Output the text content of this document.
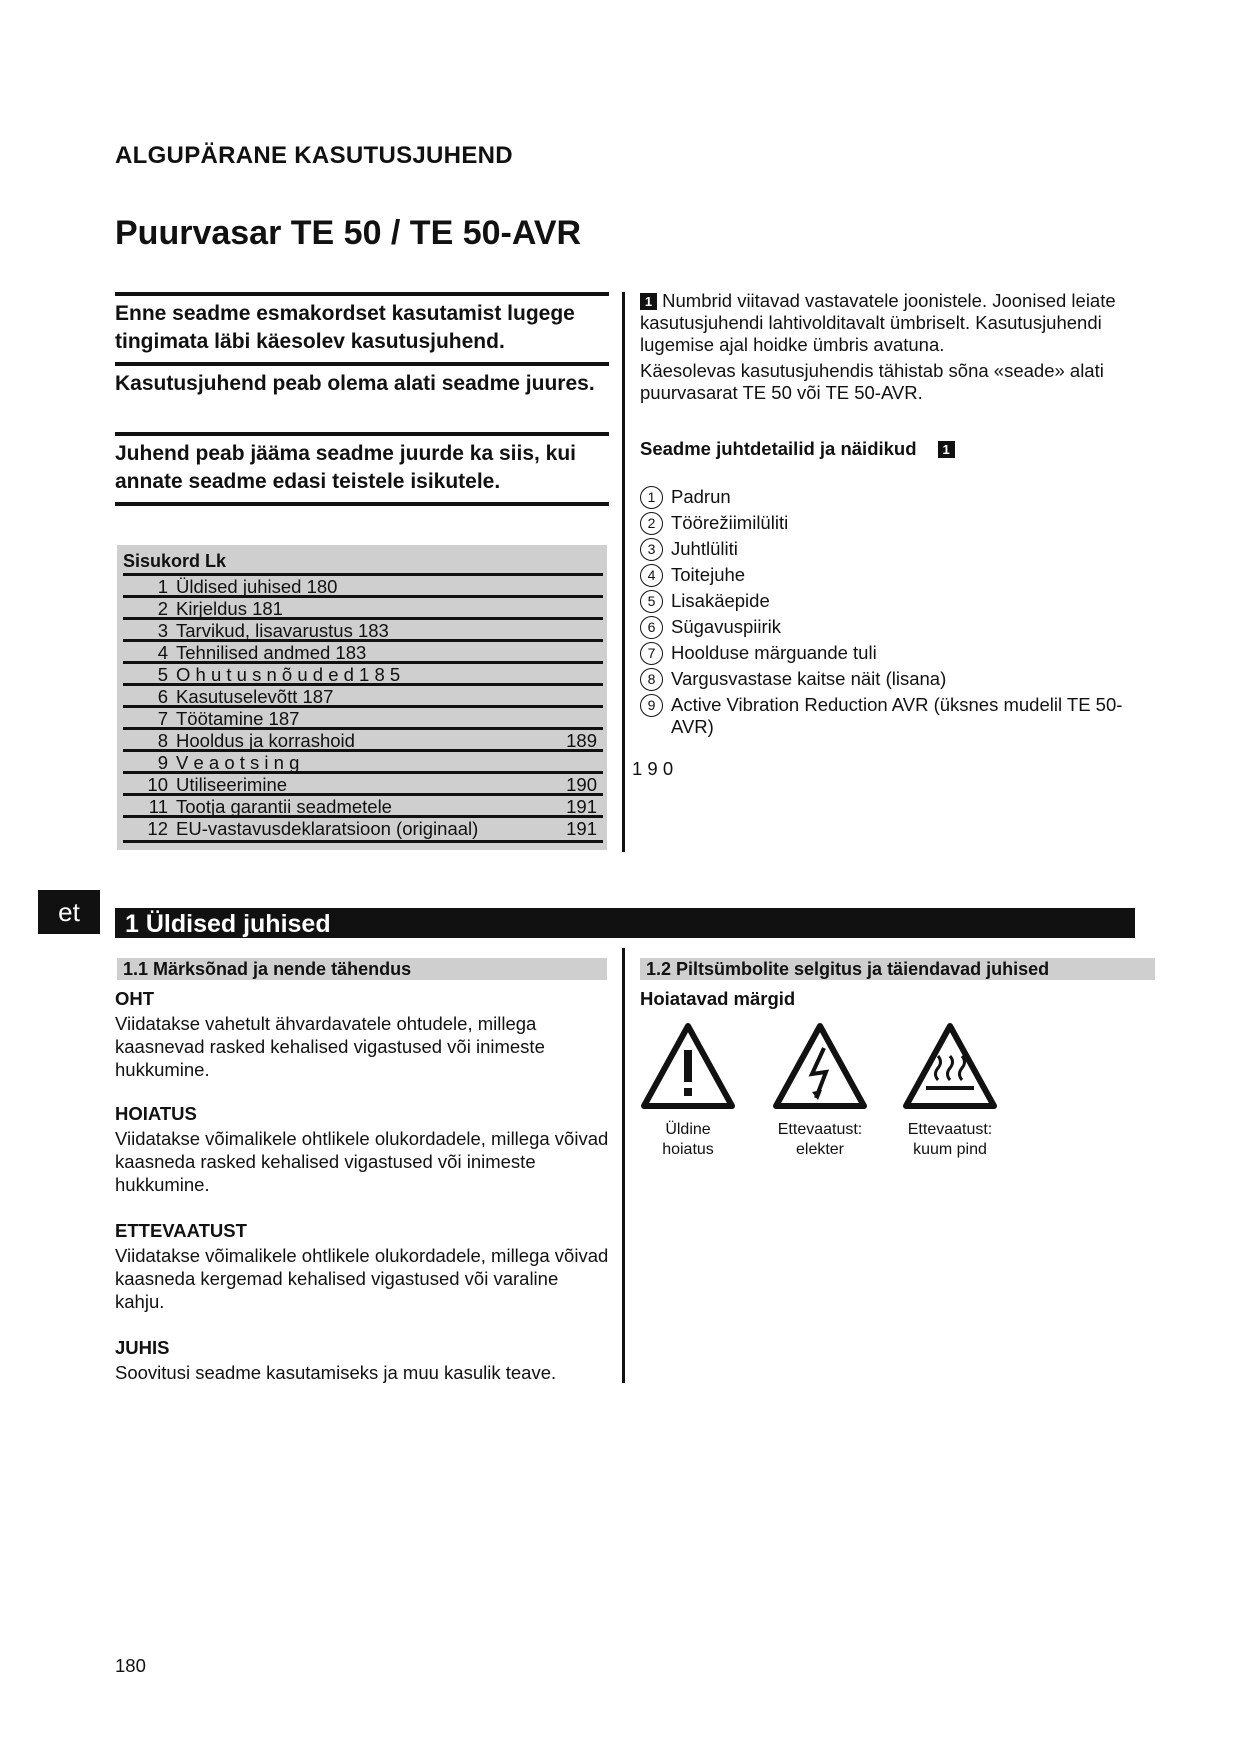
ALGUPÄRANE KASUTUSJUHEND
Puurvasar TE 50 / TE 50-AVR
Enne seadme esmakordset kasutamist lugege tingimata läbi käesolev kasutusjuhend.
Kasutusjuhend peab olema alati seadme juures.
Juhend peab jääma seadme juurde ka siis, kui annate seadme edasi teistele isikutele.
1 Numbrid viitavad vastavatele joonistele. Joonised leiate kasutusjuhendi lahtivolditavalt ümbriselt. Kasutusjuhendi lugemise ajal hoidke ümbris avatuna.
Käesolevas kasutusjuhendis tähistab sõna «seade» alati puurvasarat TE 50 või TE 50-AVR.
Seadme juhtdetailid ja näidikud 1
1 Padrun
2 Töörežiimilüliti
3 Juhtlüliti
4 Toitejuhe
5 Lisakäepide
6 Sügavuspiirik
7 Hoolduse märguande tuli
8 Vargusvastase kaitse näit (lisana)
9 Active Vibration Reduction AVR (üksnes mudelil TE 50-AVR)
Sisukord Lk
1 Üldised juhised 180
2 Kirjeldus 181
3 Tarvikud, lisavarustus 183
4 Tehnilised andmed 183
5 O h u t u s n õ u d e d 1 8 5
6 Kasutuselevõtt 187
7 Töötamine 187
8 Hooldus ja korrashoid	189
9 V e a o t s i n g
10 Utiliseerimine	190
11 Tootja garantii seadmetele	191
12 EU-vastavusdeklaratsioon (originaal)	191
1 9 0
et	1 Üldised juhised
1.1 Märksõnad ja nende tähendus
OHT
Viidatakse vahetult ähvardavatele ohtudele, millega kaasnevad rasked kehalised vigastused või inimeste hukkumine.
HOIATUS
Viidatakse võimalikele ohtlikele olukordadele, millega võivad kaasneda rasked kehalised vigastused või inimeste hukkumine.
ETTEVAATUST
Viidatakse võimalikele ohtlikele olukordadele, millega võivad kaasneda kergemad kehalised vigastused või varaline kahju.
JUHIS
Soovitusi seadme kasutamiseks ja muu kasulik teave.
1.2 Piltsümbolite selgitus ja täiendavad juhised
Hoiatavad märgid
Üldine
hoiatus
Ettevaatust:
elekter
Ettevaatust:
kuum pind
180
